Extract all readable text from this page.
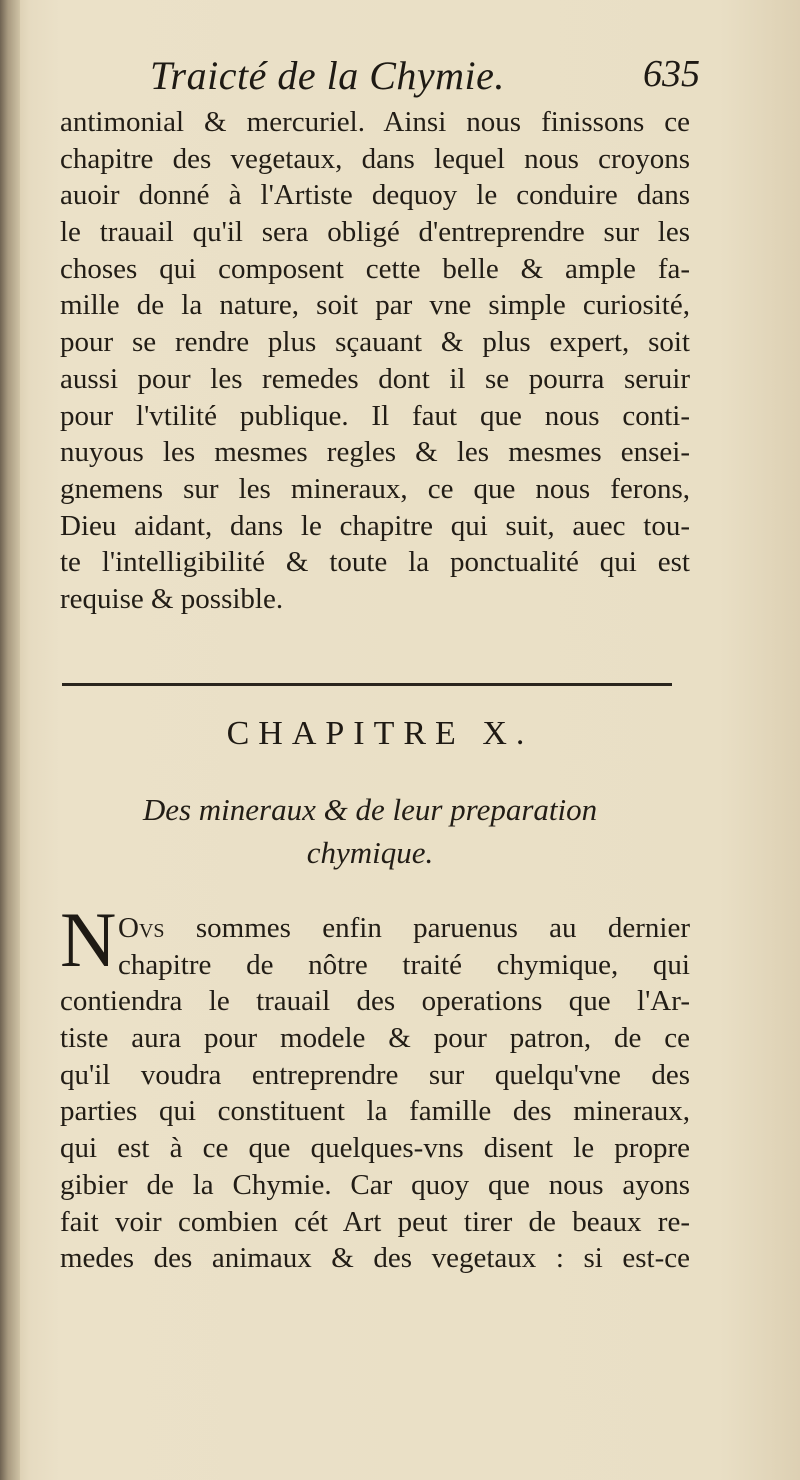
Traicté de la Chymie.	635
antimonial & mercuriel. Ainsi nous finissons ce
chapitre des vegetaux, dans lequel nous croyons
auoir donné à l'Artiste dequoy le conduire dans
le trauail qu'il sera obligé d'entreprendre sur les
choses qui composent cette belle & ample fa-
mille de la nature, soit par vne simple curiosité,
pour se rendre plus sçauant & plus expert, soit
aussi pour les remedes dont il se pourra seruir
pour l'vtilité publique. Il faut que nous conti-
nuyous les mesmes regles & les mesmes ensei-
gnemens sur les mineraux, ce que nous ferons,
Dieu aidant, dans le chapitre qui suit, auec tou-
te l'intelligibilité & toute la ponctualité qui est
requise & possible.
CHAPITRE X.
Des mineraux & de leur preparation
chymique.
N Ovs sommes enfin paruenus au dernier
chapitre de nôtre traité chymique, qui
contiendra le trauail des operations que l'Ar-
tiste aura pour modele & pour patron, de ce
qu'il voudra entreprendre sur quelqu'vne des
parties qui constituent la famille des mineraux,
qui est à ce que quelques-vns disent le propre
gibier de la Chymie. Car quoy que nous ayons
fait voir combien cét Art peut tirer de beaux re-
medes des animaux & des vegetaux : si est-ce
